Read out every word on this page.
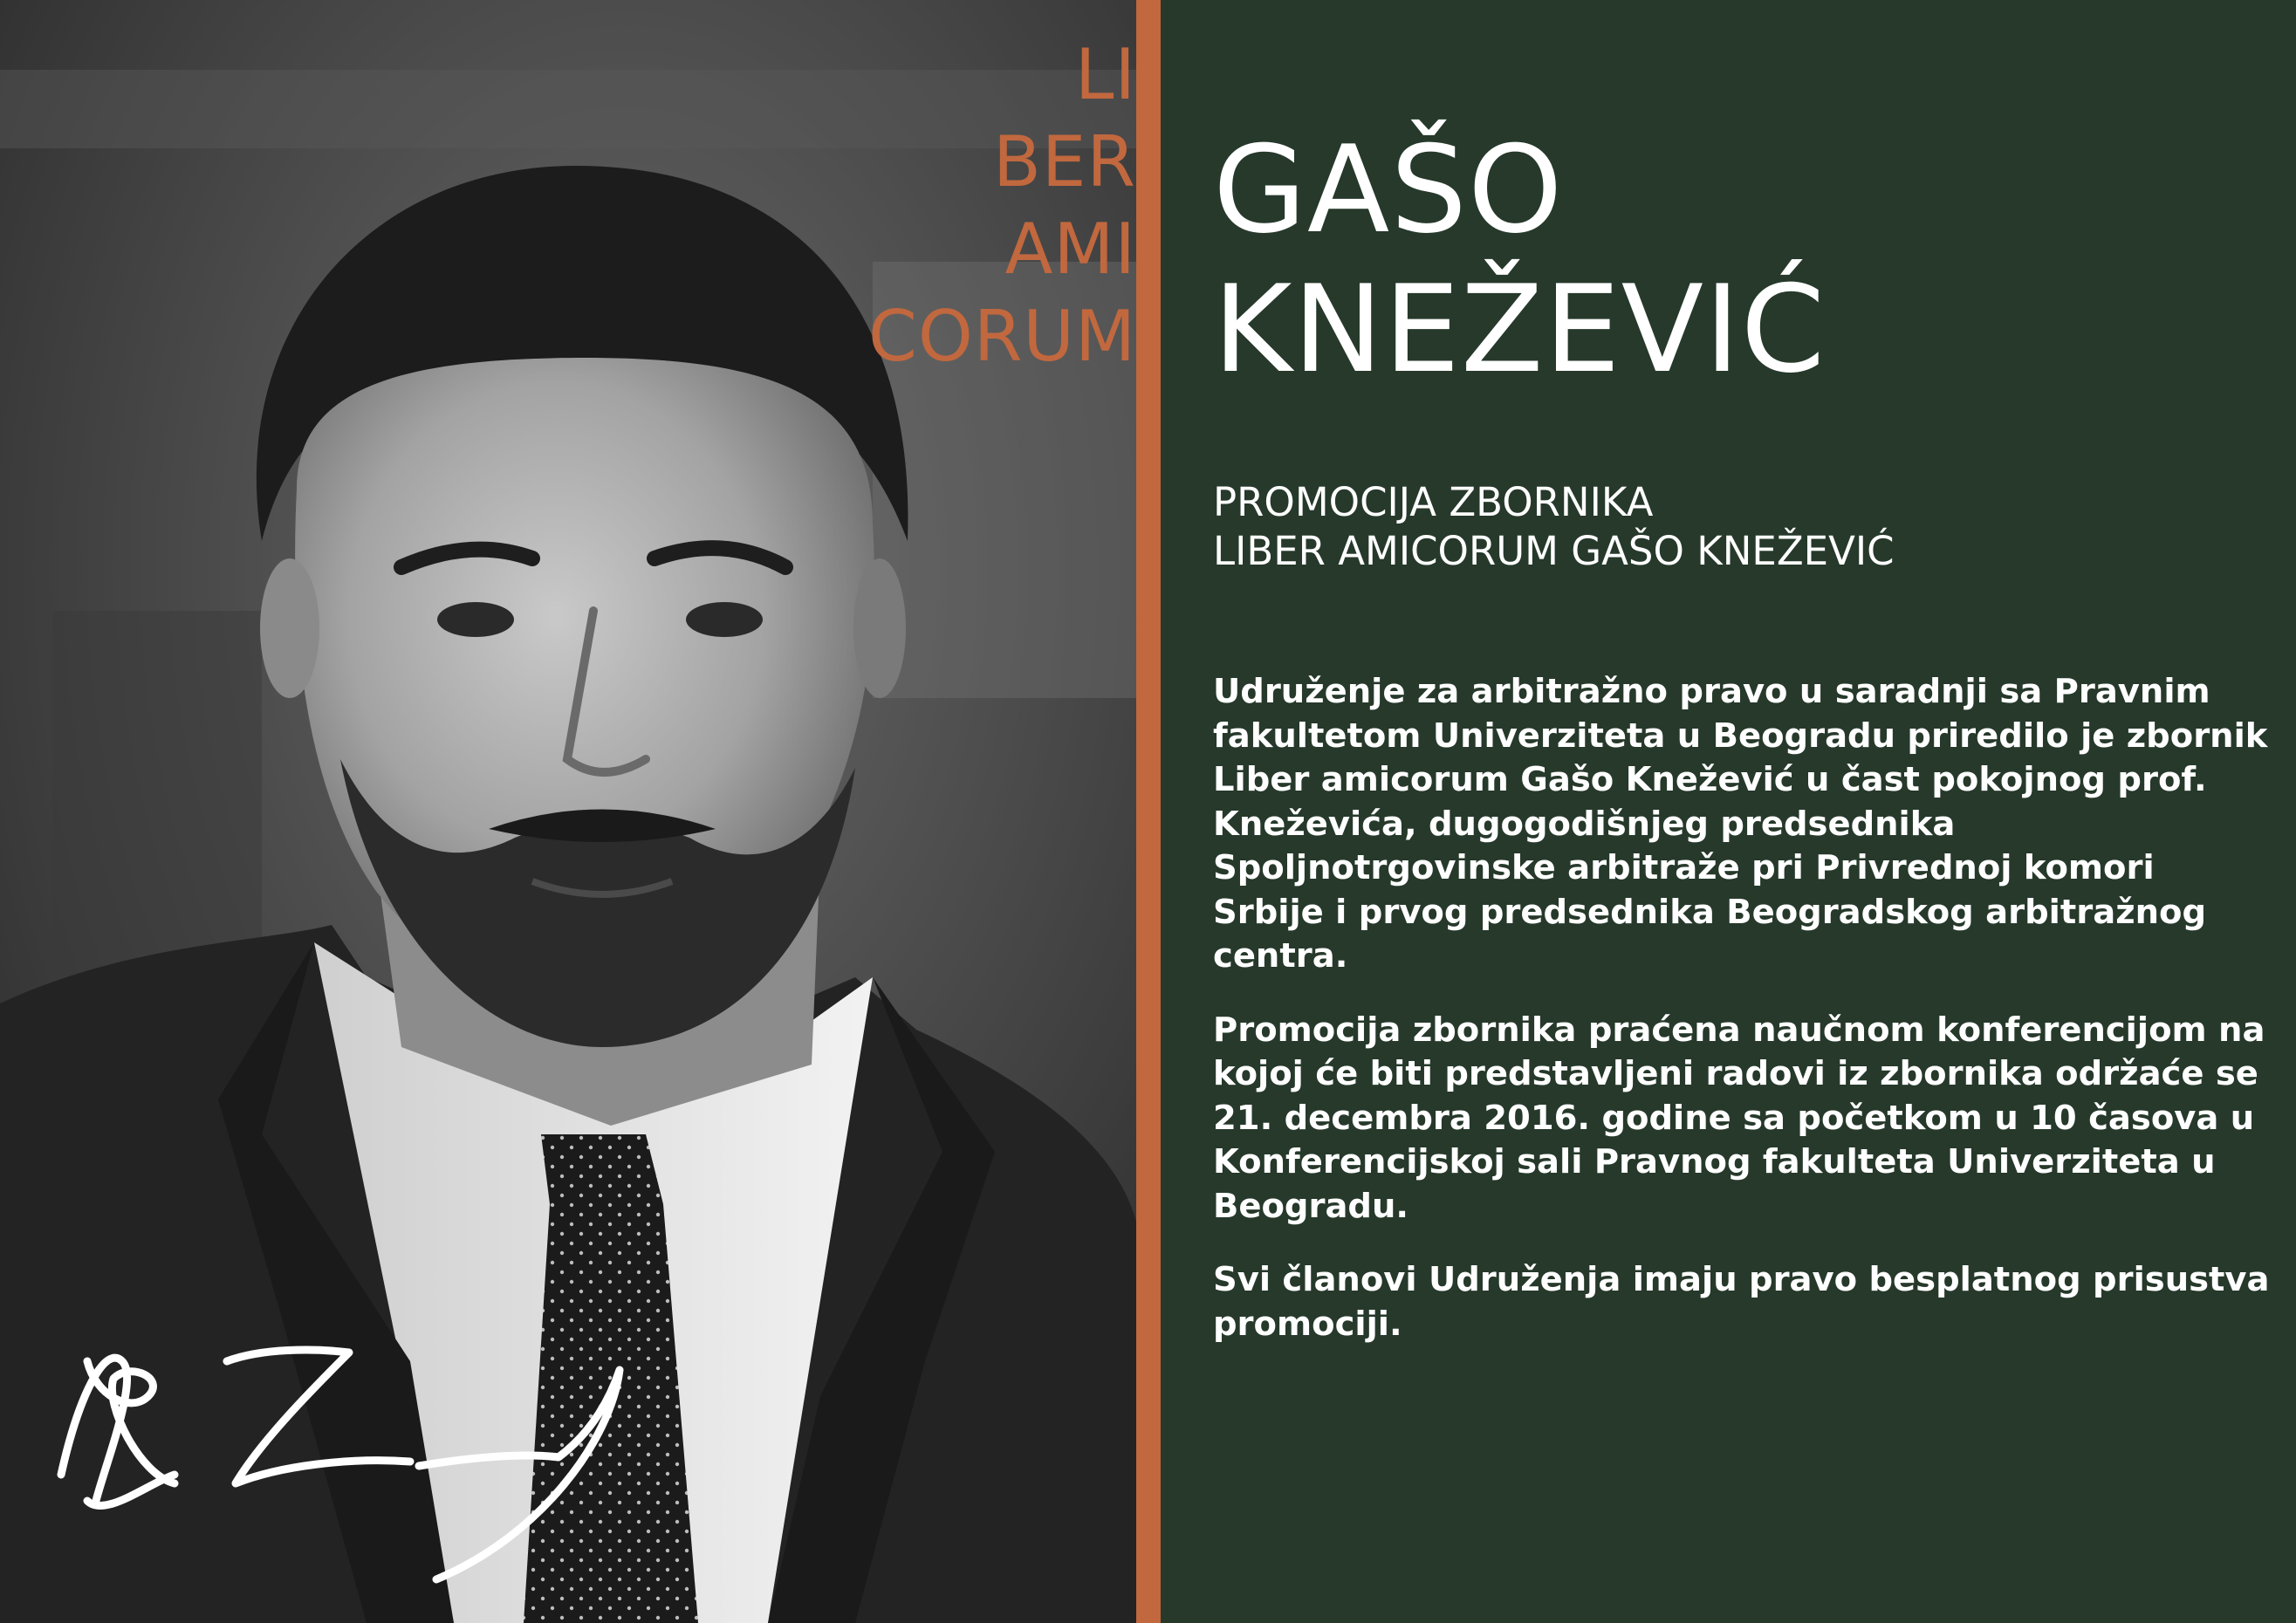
LI
BER
AMI
CORUM
GAŠO
KNEŽEVIĆ
PROMOCIJA ZBORNIKA
LIBER AMICORUM GAŠO KNEŽEVIĆ

Udruženje za arbitražno pravo u saradnji sa Pravnim
fakultetom Univerziteta u Beogradu priredilo je zbornik
Liber amicorum Gašo Knežević u čast pokojnog prof.
Kneževića, dugogodišnjeg predsednika
Spoljnotrgovinske arbitraže pri Privrednoj komori
Srbije i prvog predsednika Beogradskog arbitražnog
centra.

Promocija zbornika praćena naučnom konferencijom na
kojoj će biti predstavljeni radovi iz zbornika održaće se
21. decembra 2016. godine sa početkom u 10 časova u
Konferencijskoj sali Pravnog fakulteta Univerziteta u
Beogradu.

Svi članovi Udruženja imaju pravo besplatnog prisustva
promociji.
